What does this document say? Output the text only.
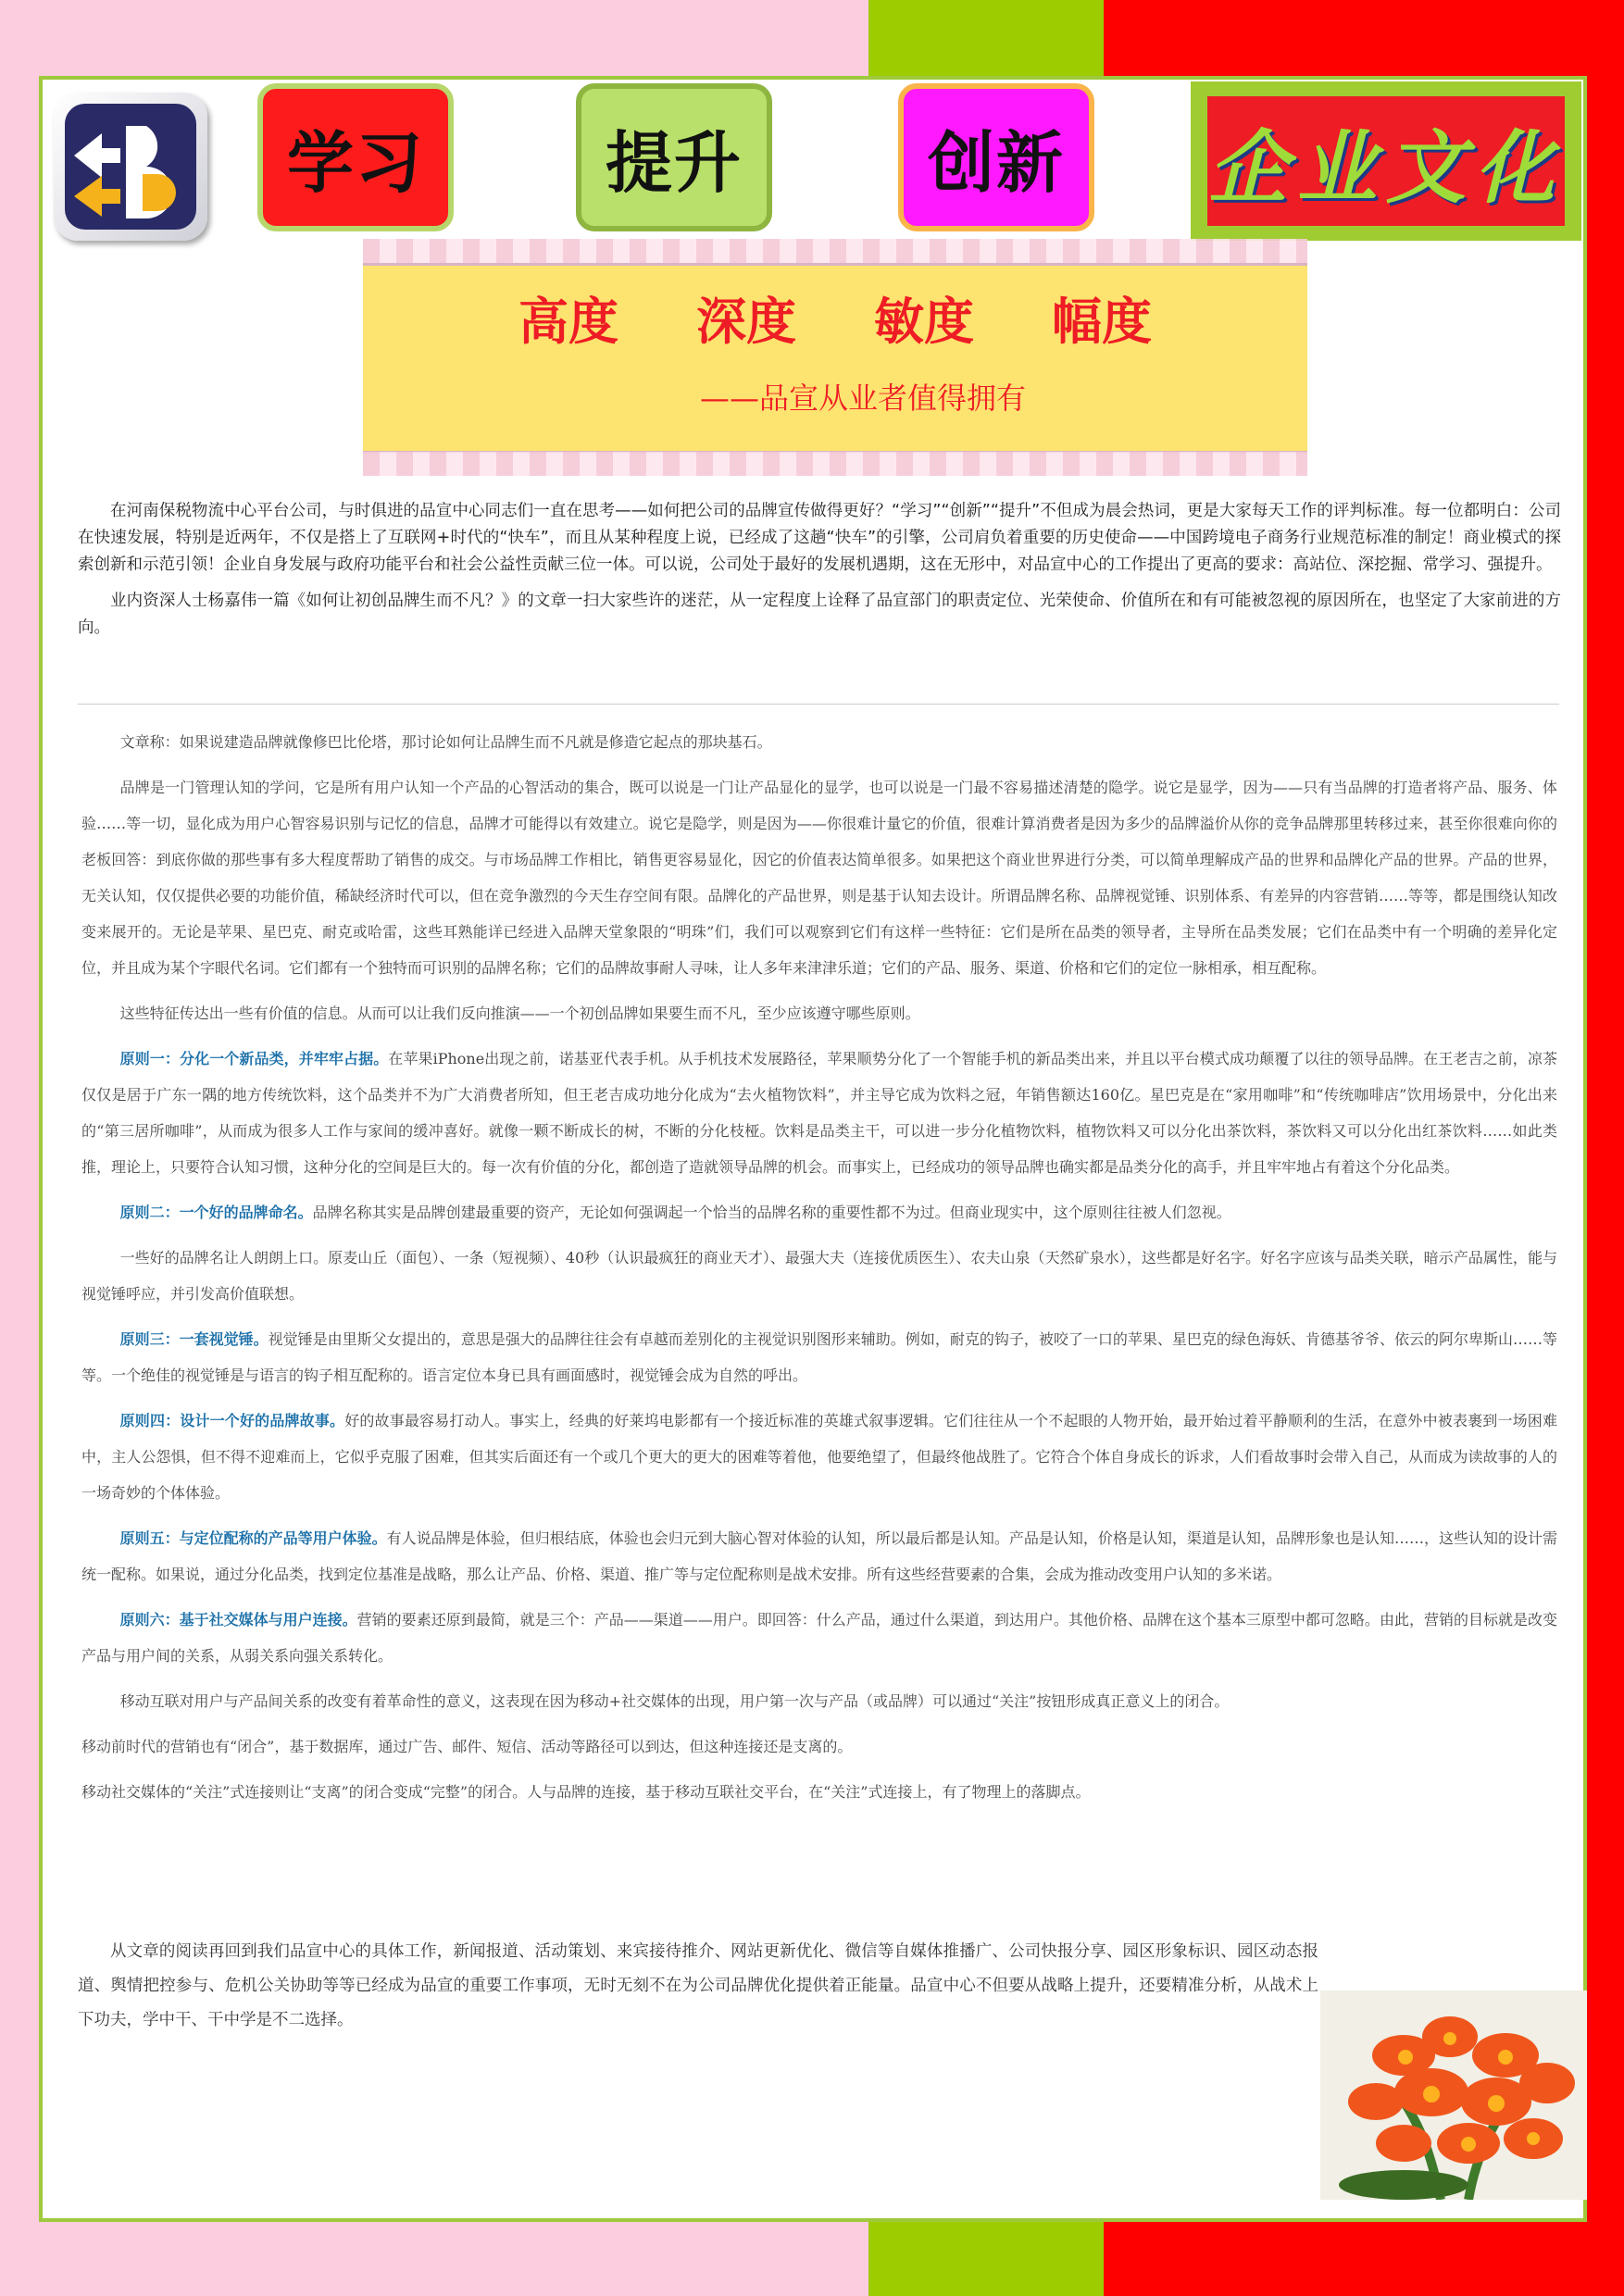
学习	提升	创新	企业文化
高度 深度 敏度 幅度
——品宣从业者值得拥有

在河南保税物流中心平台公司，与时俱进的品宣中心同志们一直在思考——如何把公司的品牌宣传做得更好？“学习”“创新”“提升”不但成为晨会热词，更是大家每天工作的评判标准。每一位都明白：公司在快速发展，特别是近两年，不仅是搭上了互联网+时代的“快车”，而且从某种程度上说，已经成了这趟“快车”的引擎，公司肩负着重要的历史使命——中国跨境电子商务行业规范标准的制定！商业模式的探索创新和示范引领！企业自身发展与政府功能平台和社会公益性贡献三位一体。可以说，公司处于最好的发展机遇期，这在无形中，对品宣中心的工作提出了更高的要求：高站位、深挖掘、常学习、强提升。

业内资深人士杨嘉伟一篇《如何让初创品牌生而不凡？》的文章一扫大家些许的迷茫，从一定程度上诠释了品宣部门的职责定位、光荣使命、价值所在和有可能被忽视的原因所在，也坚定了大家前进的方向。

文章称：如果说建造品牌就像修巴比伦塔，那讨论如何让品牌生而不凡就是修造它起点的那块基石。

品牌是一门管理认知的学问，它是所有用户认知一个产品的心智活动的集合，既可以说是一门让产品显化的显学，也可以说是一门最不容易描述清楚的隐学。说它是显学，因为——只有当品牌的打造者将产品、服务、体验……等一切，显化成为用户心智容易识别与记忆的信息，品牌才可能得以有效建立。说它是隐学，则是因为——你很难计量它的价值，很难计算消费者是因为多少的品牌溢价从你的竞争品牌那里转移过来，甚至你很难向你的老板回答：到底你做的那些事有多大程度帮助了销售的成交。与市场品牌工作相比，销售更容易显化，因它的价值表达简单很多。如果把这个商业世界进行分类，可以简单理解成产品的世界和品牌化产品的世界。产品的世界，无关认知，仅仅提供必要的功能价值，稀缺经济时代可以，但在竞争激烈的今天生存空间有限。品牌化的产品世界，则是基于认知去设计。所谓品牌名称、品牌视觉锤、识别体系、有差异的内容营销……等等，都是围绕认知改变来展开的。无论是苹果、星巴克、耐克或哈雷，这些耳熟能详已经进入品牌天堂象限的“明珠”们，我们可以观察到它们有这样一些特征：它们是所在品类的领导者，主导所在品类发展；它们在品类中有一个明确的差异化定位，并且成为某个字眼代名词。它们都有一个独特而可识别的品牌名称；它们的品牌故事耐人寻味，让人多年来津津乐道；它们的产品、服务、渠道、价格和它们的定位一脉相承，相互配称。

这些特征传达出一些有价值的信息。从而可以让我们反向推演——一个初创品牌如果要生而不凡，至少应该遵守哪些原则。

原则一：分化一个新品类，并牢牢占据。在苹果iPhone出现之前，诺基亚代表手机。从手机技术发展路径，苹果顺势分化了一个智能手机的新品类出来，并且以平台模式成功颠覆了以往的领导品牌。在王老吉之前，凉茶仅仅是居于广东一隅的地方传统饮料，这个品类并不为广大消费者所知，但王老吉成功地分化成为“去火植物饮料”，并主导它成为饮料之冠，年销售额达160亿。星巴克是在“家用咖啡”和“传统咖啡店”饮用场景中，分化出来的“第三居所咖啡”，从而成为很多人工作与家间的缓冲喜好。就像一颗不断成长的树，不断的分化枝桠。饮料是品类主干，可以进一步分化植物饮料，植物饮料又可以分化出茶饮料，茶饮料又可以分化出红茶饮料……如此类推，理论上，只要符合认知习惯，这种分化的空间是巨大的。每一次有价值的分化，都创造了造就领导品牌的机会。而事实上，已经成功的领导品牌也确实都是品类分化的高手，并且牢牢地占有着这个分化品类。

原则二：一个好的品牌命名。品牌名称其实是品牌创建最重要的资产，无论如何强调起一个恰当的品牌名称的重要性都不为过。但商业现实中，这个原则往往被人们忽视。

一些好的品牌名让人朗朗上口。原麦山丘（面包）、一条（短视频）、40秒（认识最疯狂的商业天才）、最强大夫（连接优质医生）、农夫山泉（天然矿泉水），这些都是好名字。好名字应该与品类关联，暗示产品属性，能与视觉锤呼应，并引发高价值联想。

原则三：一套视觉锤。视觉锤是由里斯父女提出的，意思是强大的品牌往往会有卓越而差别化的主视觉识别图形来辅助。例如，耐克的钩子，被咬了一口的苹果、星巴克的绿色海妖、肯德基爷爷、依云的阿尔卑斯山……等等。一个绝佳的视觉锤是与语言的钩子相互配称的。语言定位本身已具有画面感时，视觉锤会成为自然的呼出。

原则四：设计一个好的品牌故事。好的故事最容易打动人。事实上，经典的好莱坞电影都有一个接近标准的英雄式叙事逻辑。它们往往从一个不起眼的人物开始，最开始过着平静顺利的生活，在意外中被表裹到一场困难中，主人公怨惧，但不得不迎难而上，它似乎克服了困难，但其实后面还有一个或几个更大的更大的困难等着他，他要绝望了，但最终他战胜了。它符合个体自身成长的诉求，人们看故事时会带入自己，从而成为读故事的人的一场奇妙的个体体验。

原则五：与定位配称的产品等用户体验。有人说品牌是体验，但归根结底，体验也会归元到大脑心智对体验的认知，所以最后都是认知。产品是认知，价格是认知，渠道是认知，品牌形象也是认知……，这些认知的设计需统一配称。如果说，通过分化品类，找到定位基准是战略，那么让产品、价格、渠道、推广等与定位配称则是战术安排。所有这些经营要素的合集，会成为推动改变用户认知的多米诺。

原则六：基于社交媒体与用户连接。营销的要素还原到最简，就是三个：产品——渠道——用户。即回答：什么产品，通过什么渠道，到达用户。其他价格、品牌在这个基本三原型中都可忽略。由此，营销的目标就是改变产品与用户间的关系，从弱关系向强关系转化。

移动互联对用户与产品间关系的改变有着革命性的意义，这表现在因为移动+社交媒体的出现，用户第一次与产品（或品牌）可以通过“关注”按钮形成真正意义上的闭合。

移动前时代的营销也有“闭合”，基于数据库，通过广告、邮件、短信、活动等路径可以到达，但这种连接还是支离的。

移动社交媒体的“关注”式连接则让“支离”的闭合变成“完整”的闭合。人与品牌的连接，基于移动互联社交平台，在“关注”式连接上，有了物理上的落脚点。

从文章的阅读再回到我们品宣中心的具体工作，新闻报道、活动策划、来宾接待推介、网站更新优化、微信等自媒体推播广、公司快报分享、园区形象标识、园区动态报道、舆情把控参与、危机公关协助等等已经成为品宣的重要工作事项，无时无刻不在为公司品牌优化提供着正能量。品宣中心不但要从战略上提升，还要精准分析，从战术上下功夫，学中干、干中学是不二选择。
